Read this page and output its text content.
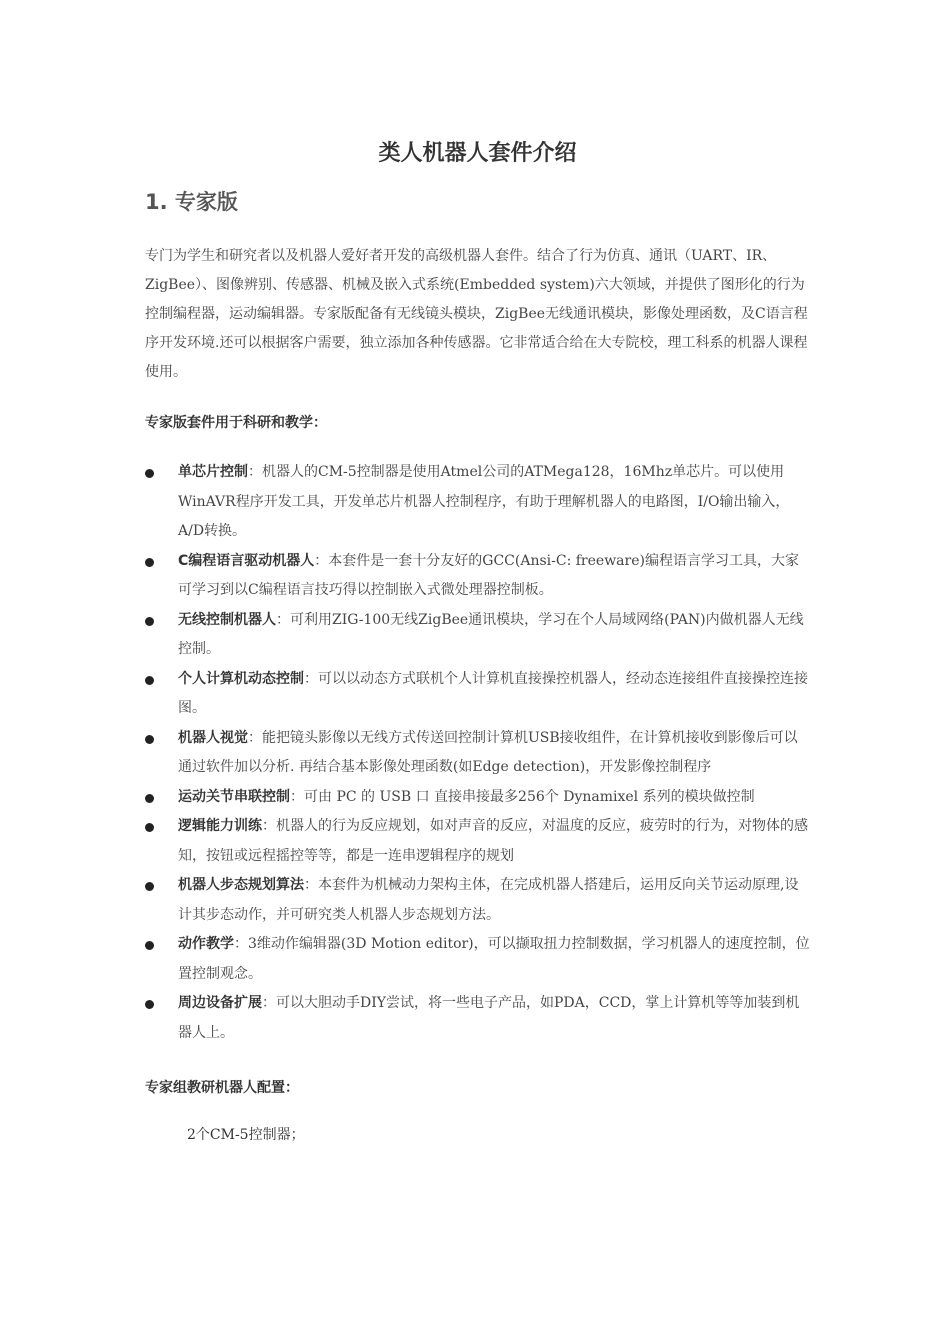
类人机器人套件介绍
1. 专家版

专门为学生和研究者以及机器人爱好者开发的高级机器人套件。结合了行为仿真、通讯（UART、IR、ZigBee）、图像辨别、传感器、机械及嵌入式系统(Embedded system)六大领域，并提供了图形化的行为控制编程器，运动编辑器。专家版配备有无线镜头模块，ZigBee无线通讯模块，影像处理函数，及C语言程序开发环境.还可以根据客户需要，独立添加各种传感器。它非常适合给在大专院校，理工科系的机器人课程使用。

专家版套件用于科研和教学：

单芯片控制：机器人的CM-5控制器是使用Atmel公司的ATMega128，16Mhz单芯片。可以使用WinAVR程序开发工具，开发单芯片机器人控制程序，有助于理解机器人的电路图，I/O输出输入，A/D转换。
C编程语言驱动机器人：本套件是一套十分友好的GCC(Ansi-C: freeware)编程语言学习工具，大家可学习到以C编程语言技巧得以控制嵌入式微处理器控制板。
无线控制机器人：可利用ZIG-100无线ZigBee通讯模块，学习在个人局域网络(PAN)内做机器人无线控制。
个人计算机动态控制：可以以动态方式联机个人计算机直接操控机器人，经动态连接组件直接操控连接图。
机器人视觉：能把镜头影像以无线方式传送回控制计算机USB接收组件，在计算机接收到影像后可以通过软件加以分析. 再结合基本影像处理函数(如Edge detection)，开发影像控制程序
运动关节串联控制：可由 PC 的 USB 口 直接串接最多256个 Dynamixel 系列的模块做控制
逻辑能力训练：机器人的行为反应规划，如对声音的反应，对温度的反应，疲劳时的行为，对物体的感知，按钮或远程摇控等等，都是一连串逻辑程序的规划
机器人步态规划算法：本套件为机械动力架构主体，在完成机器人搭建后，运用反向关节运动原理,设计其步态动作，并可研究类人机器人步态规划方法。
动作教学：3维动作编辑器(3D Motion editor)，可以撷取扭力控制数据，学习机器人的速度控制，位置控制观念。
周边设备扩展：可以大胆动手DIY尝试，将一些电子产品，如PDA，CCD，掌上计算机等等加装到机器人上。

专家组教研机器人配置：

2个CM-5控制器；
